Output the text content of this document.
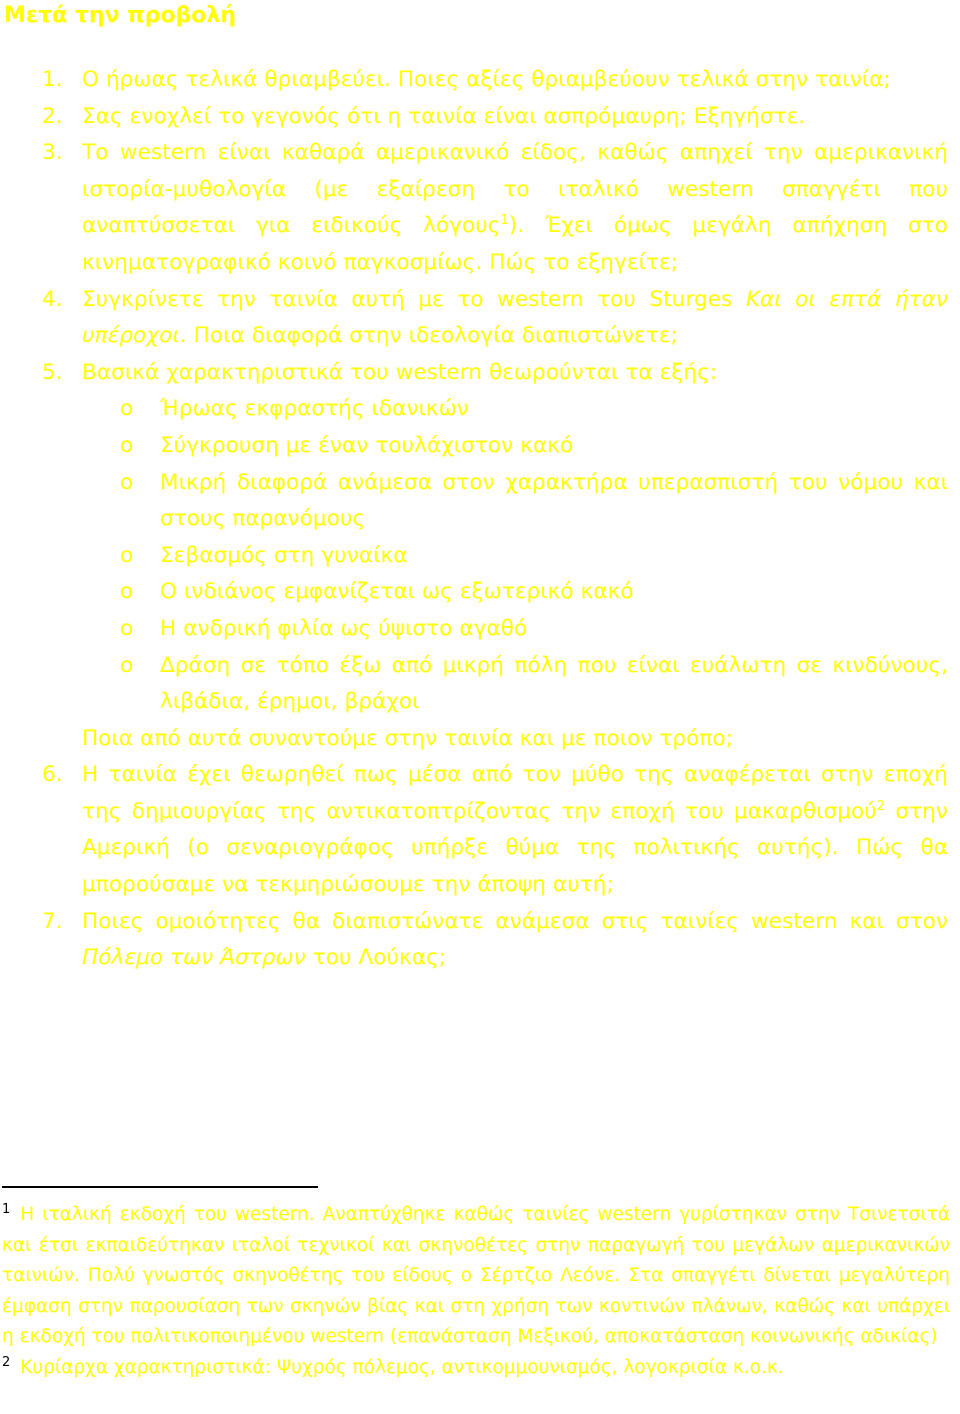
Μετά την προβολή
1. Ο ήρωας τελικά θριαμβεύει. Ποιες αξίες θριαμβεύουν τελικά στην ταινία;
2. Σας ενοχλεί το γεγονός ότι η ταινία είναι ασπρόμαυρη; Εξηγήστε.
3. Το western είναι καθαρά αμερικανικό είδος, καθώς απηχεί την αμερικανική ιστορία-μυθολογία (με εξαίρεση το ιταλικό western σπαγγέτι που αναπτύσσεται για ειδικούς λόγους$^1$). Έχει όμως μεγάλη απήχηση στο κινηματογραφικό κοινό παγκοσμίως. Πώς το εξηγείτε;
4. Συγκρίνετε την ταινία αυτή με το western του Sturges Και οι επτά ήταν υπέροχοι. Ποια διαφορά στην ιδεολογία διαπιστώνετε;
5. Βασικά χαρακτηριστικά του western θεωρούνται τα εξής:
o Ήρωας εκφραστής ιδανικών
o Σύγκρουση με έναν τουλάχιστον κακό
o Μικρή διαφορά ανάμεσα στον χαρακτήρα υπερασπιστή του νόμου και στους παρανόμους
o Σεβασμός στη γυναίκα
o Ο ινδιάνος εμφανίζεται ως εξωτερικό κακό
o Η ανδρική φιλία ως ύψιστο αγαθό
o Δράση σε τόπο έξω από μικρή πόλη που είναι ευάλωτη σε κινδύνους, λιβάδια, έρημοι, βράχοι
Ποια από αυτά συναντούμε στην ταινία και με ποιον τρόπο;
6. Η ταινία έχει θεωρηθεί πως μέσα από τον μύθο της αναφέρεται στην εποχή της δημιουργίας της αντικατοπτρίζοντας την εποχή του μακαρθισμού$^2$ στην Αμερική (ο σεναριογράφος υπήρξε θύμα της πολιτικής αυτής). Πώς θα μπορούσαμε να τεκμηριώσουμε την άποψη αυτή;
7. Ποιες ομοιότητες θα διαπιστώνατε ανάμεσα στις ταινίες western και στον Πόλεμο των Άστρων του Λούκας;

$^1$ Η ιταλική εκδοχή του western. Αναπτύχθηκε καθώς ταινίες western γυρίστηκαν στην Τσινετσιτά και έτσι εκπαιδεύτηκαν ιταλοί τεχνικοί και σκηνοθέτες στην παραγωγή του μεγάλων αμερικανικών ταινιών. Πολύ γνωστός σκηνοθέτης του είδους ο Σέρτζιο Λεόνε. Στα σπαγγέτι δίνεται μεγαλύτερη έμφαση στην παρουσίαση των σκηνών βίας και στη χρήση των κοντινών πλάνων, καθώς και υπάρχει η εκδοχή του πολιτικοποιημένου western (επανάσταση Μεξικού, αποκατάσταση κοινωνικής αδικίας)

$^2$ Κυρίαρχα χαρακτηριστικά: Ψυχρός πόλεμος, αντικομμουνισμός, λογοκρισία κ.ο.κ.
